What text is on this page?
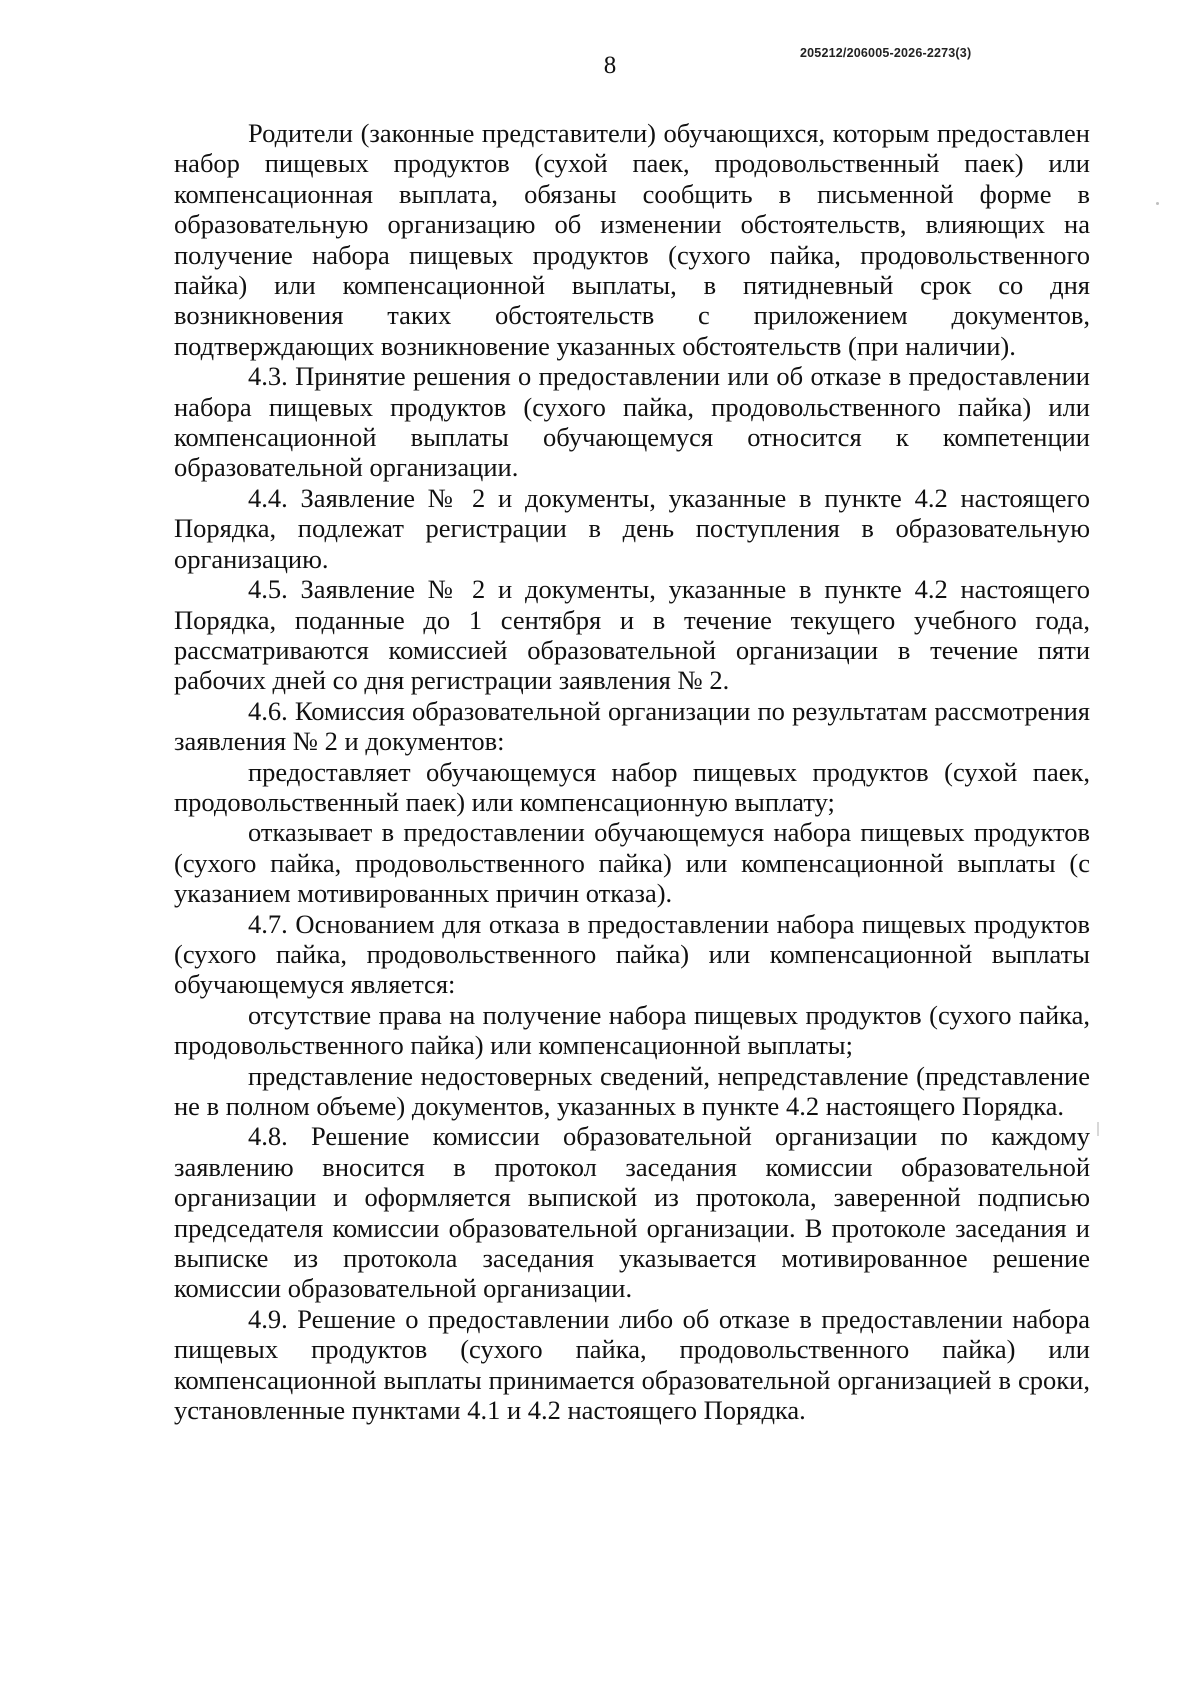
8	205212/206005-2026-2273(3)

Родители (законные представители) обучающихся, которым предоставлен набор пищевых продуктов (сухой паек, продовольственный паек) или компенсационная выплата, обязаны сообщить в письменной форме в образовательную организацию об изменении обстоятельств, влияющих на получение набора пищевых продуктов (сухого пайка, продовольственного пайка) или компенсационной выплаты, в пятидневный срок со дня возникновения таких обстоятельств с приложением документов, подтверждающих возникновение указанных обстоятельств (при наличии).

4.3. Принятие решения о предоставлении или об отказе в предоставлении набора пищевых продуктов (сухого пайка, продовольственного пайка) или компенсационной выплаты обучающемуся относится к компетенции образовательной организации.

4.4. Заявление № 2 и документы, указанные в пункте 4.2 настоящего Порядка, подлежат регистрации в день поступления в образовательную организацию.

4.5. Заявление № 2 и документы, указанные в пункте 4.2 настоящего Порядка, поданные до 1 сентября и в течение текущего учебного года, рассматриваются комиссией образовательной организации в течение пяти рабочих дней со дня регистрации заявления № 2.

4.6. Комиссия образовательной организации по результатам рассмотрения заявления № 2 и документов:

предоставляет обучающемуся набор пищевых продуктов (сухой паек, продовольственный паек) или компенсационную выплату;

отказывает в предоставлении обучающемуся набора пищевых продуктов (сухого пайка, продовольственного пайка) или компенсационной выплаты (с указанием мотивированных причин отказа).

4.7. Основанием для отказа в предоставлении набора пищевых продуктов (сухого пайка, продовольственного пайка) или компенсационной выплаты обучающемуся является:

отсутствие права на получение набора пищевых продуктов (сухого пайка, продовольственного пайка) или компенсационной выплаты;

представление недостоверных сведений, непредставление (представление не в полном объеме) документов, указанных в пункте 4.2 настоящего Порядка.

4.8. Решение комиссии образовательной организации по каждому заявлению вносится в протокол заседания комиссии образовательной организации и оформляется выпиской из протокола, заверенной подписью председателя комиссии образовательной организации. В протоколе заседания и выписке из протокола заседания указывается мотивированное решение комиссии образовательной организации.

4.9. Решение о предоставлении либо об отказе в предоставлении набора пищевых продуктов (сухого пайка, продовольственного пайка) или компенсационной выплаты принимается образовательной организацией в сроки, установленные пунктами 4.1 и 4.2 настоящего Порядка.
